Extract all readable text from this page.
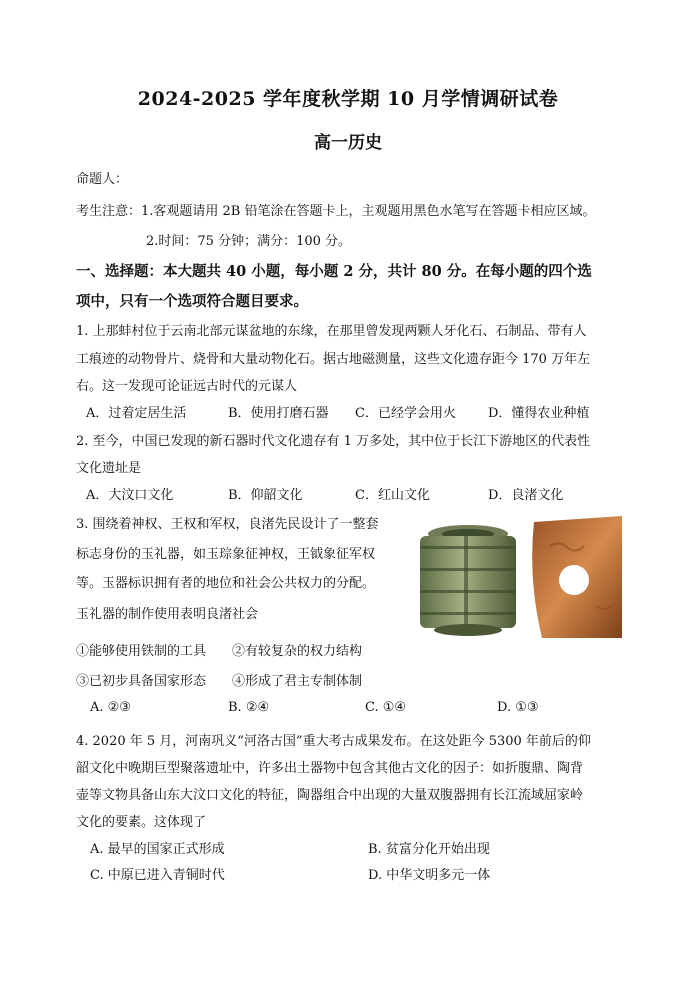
2024-2025 学年度秋学期 10 月学情调研试卷
高一历史
命题人：
考生注意：1.客观题请用 2B 铅笔涂在答题卡上，主观题用黑色水笔写在答题卡相应区域。
2.时间：75 分钟；满分：100 分。
一、选择题：本大题共 40 小题，每小题 2 分，共计 80 分。在每小题的四个选
项中，只有一个选项符合题目要求。
1. 上那蚌村位于云南北部元谋盆地的东缘，在那里曾发现两颗人牙化石、石制品、带有人
工痕迹的动物骨片、烧骨和大量动物化石。据古地磁测量，这些文化遗存距今 170 万年左
右。这一发现可论证远古时代的元谋人
A．过着定居生活	B．使用打磨石器 C．已经学会用火 D．懂得农业种植
2. 至今，中国已发现的新石器时代文化遗存有 1 万多处，其中位于长江下游地区的代表性
文化遗址是
A．大汶口文化	B．仰韶文化	C．红山文化	D．良渚文化
3. 围绕着神权、王权和军权，良渚先民设计了一整套
标志身份的玉礼器，如玉琮象征神权，王钺象征军权
等。玉器标识拥有者的地位和社会公共权力的分配。
玉礼器的制作使用表明良渚社会
①能够使用铁制的工具 ②有较复杂的权力结构
③已初步具备国家形态 ④形成了君主专制体制
A. ②③	B. ②④	C. ①④	D. ①③
4. 2020 年 5 月，河南巩义“河洛古国”重大考古成果发布。在这处距今 5300 年前后的仰
韶文化中晚期巨型聚落遗址中，许多出土器物中包含其他古文化的因子：如折腹鼎、陶背
壶等文物具备山东大汶口文化的特征，陶器组合中出现的大量双腹器拥有长江流域屈家岭
文化的要素。这体现了
A. 最早的国家正式形成	B. 贫富分化开始出现
C. 中原已进入青铜时代	D. 中华文明多元一体
